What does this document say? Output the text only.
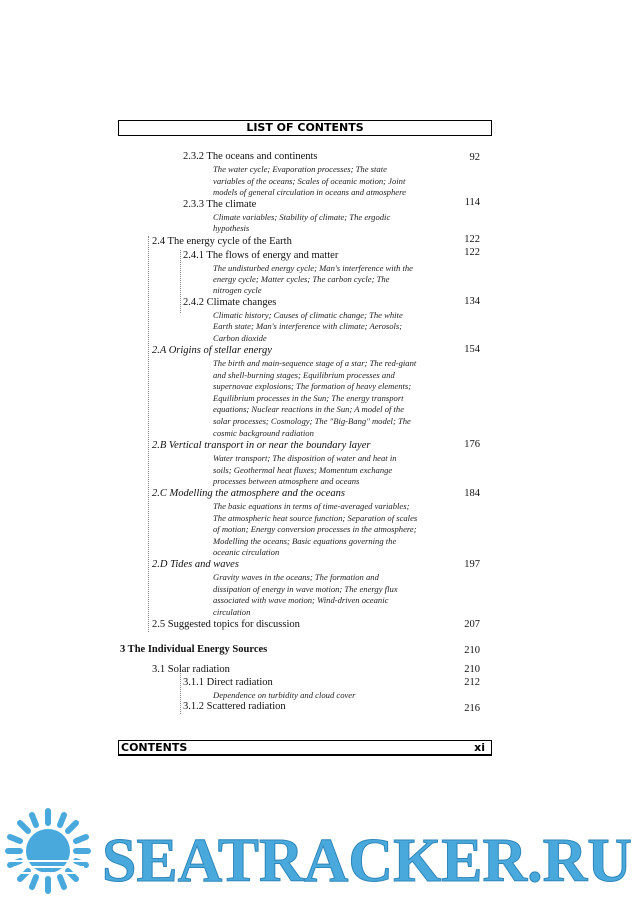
LIST OF CONTENTS
2.3.2 The oceans and continents	92
The water cycle; Evaporation processes; The state
variables of the oceans; Scales of oceanic motion; Joint
models of general circulation in oceans and atmosphere
2.3.3 The climate	114
Climate variables; Stability of climate; The ergodic
hypothesis
2.4 The energy cycle of the Earth	122
2.4.1 The flows of energy and matter	122
The undisturbed energy cycle; Man's interference with the
energy cycle; Matter cycles; The carbon cycle; The
nitrogen cycle
2.4.2 Climate changes	134
Climatic history; Causes of climatic change; The white
Earth state; Man's interference with climate; Aerosols;
Carbon dioxide
2.A Origins of stellar energy	154
The birth and main-sequence stage of a star; The red-giant
and shell-burning stages; Equilibrium processes and
supernovae explosions; The formation of heavy elements;
Equilibrium processes in the Sun; The energy transport
equations; Nuclear reactions in the Sun; A model of the
solar processes; Cosmology; The "Big-Bang" model; The
cosmic background radiation
2.B Vertical transport in or near the boundary layer	176
Water transport; The disposition of water and heat in
soils; Geothermal heat fluxes; Momentum exchange
processes between atmosphere and oceans
2.C Modelling the atmosphere and the oceans	184
The basic equations in terms of time-averaged variables;
The atmospheric heat source function; Separation of scales
of motion; Energy conversion processes in the atmosphere;
Modelling the oceans; Basic equations governing the
oceanic circulation
2.D Tides and waves	197
Gravity waves in the oceans; The formation and
dissipation of energy in wave motion; The energy flux
associated with wave motion; Wind-driven oceanic
circulation
2.5 Suggested topics for discussion	207
3 The Individual Energy Sources	210
3.1 Solar radiation	210
3.1.1 Direct radiation	212
Dependence on turbidity and cloud cover
3.1.2 Scattered radiation	216
CONTENTS	xi
SEATRACKER.RU
